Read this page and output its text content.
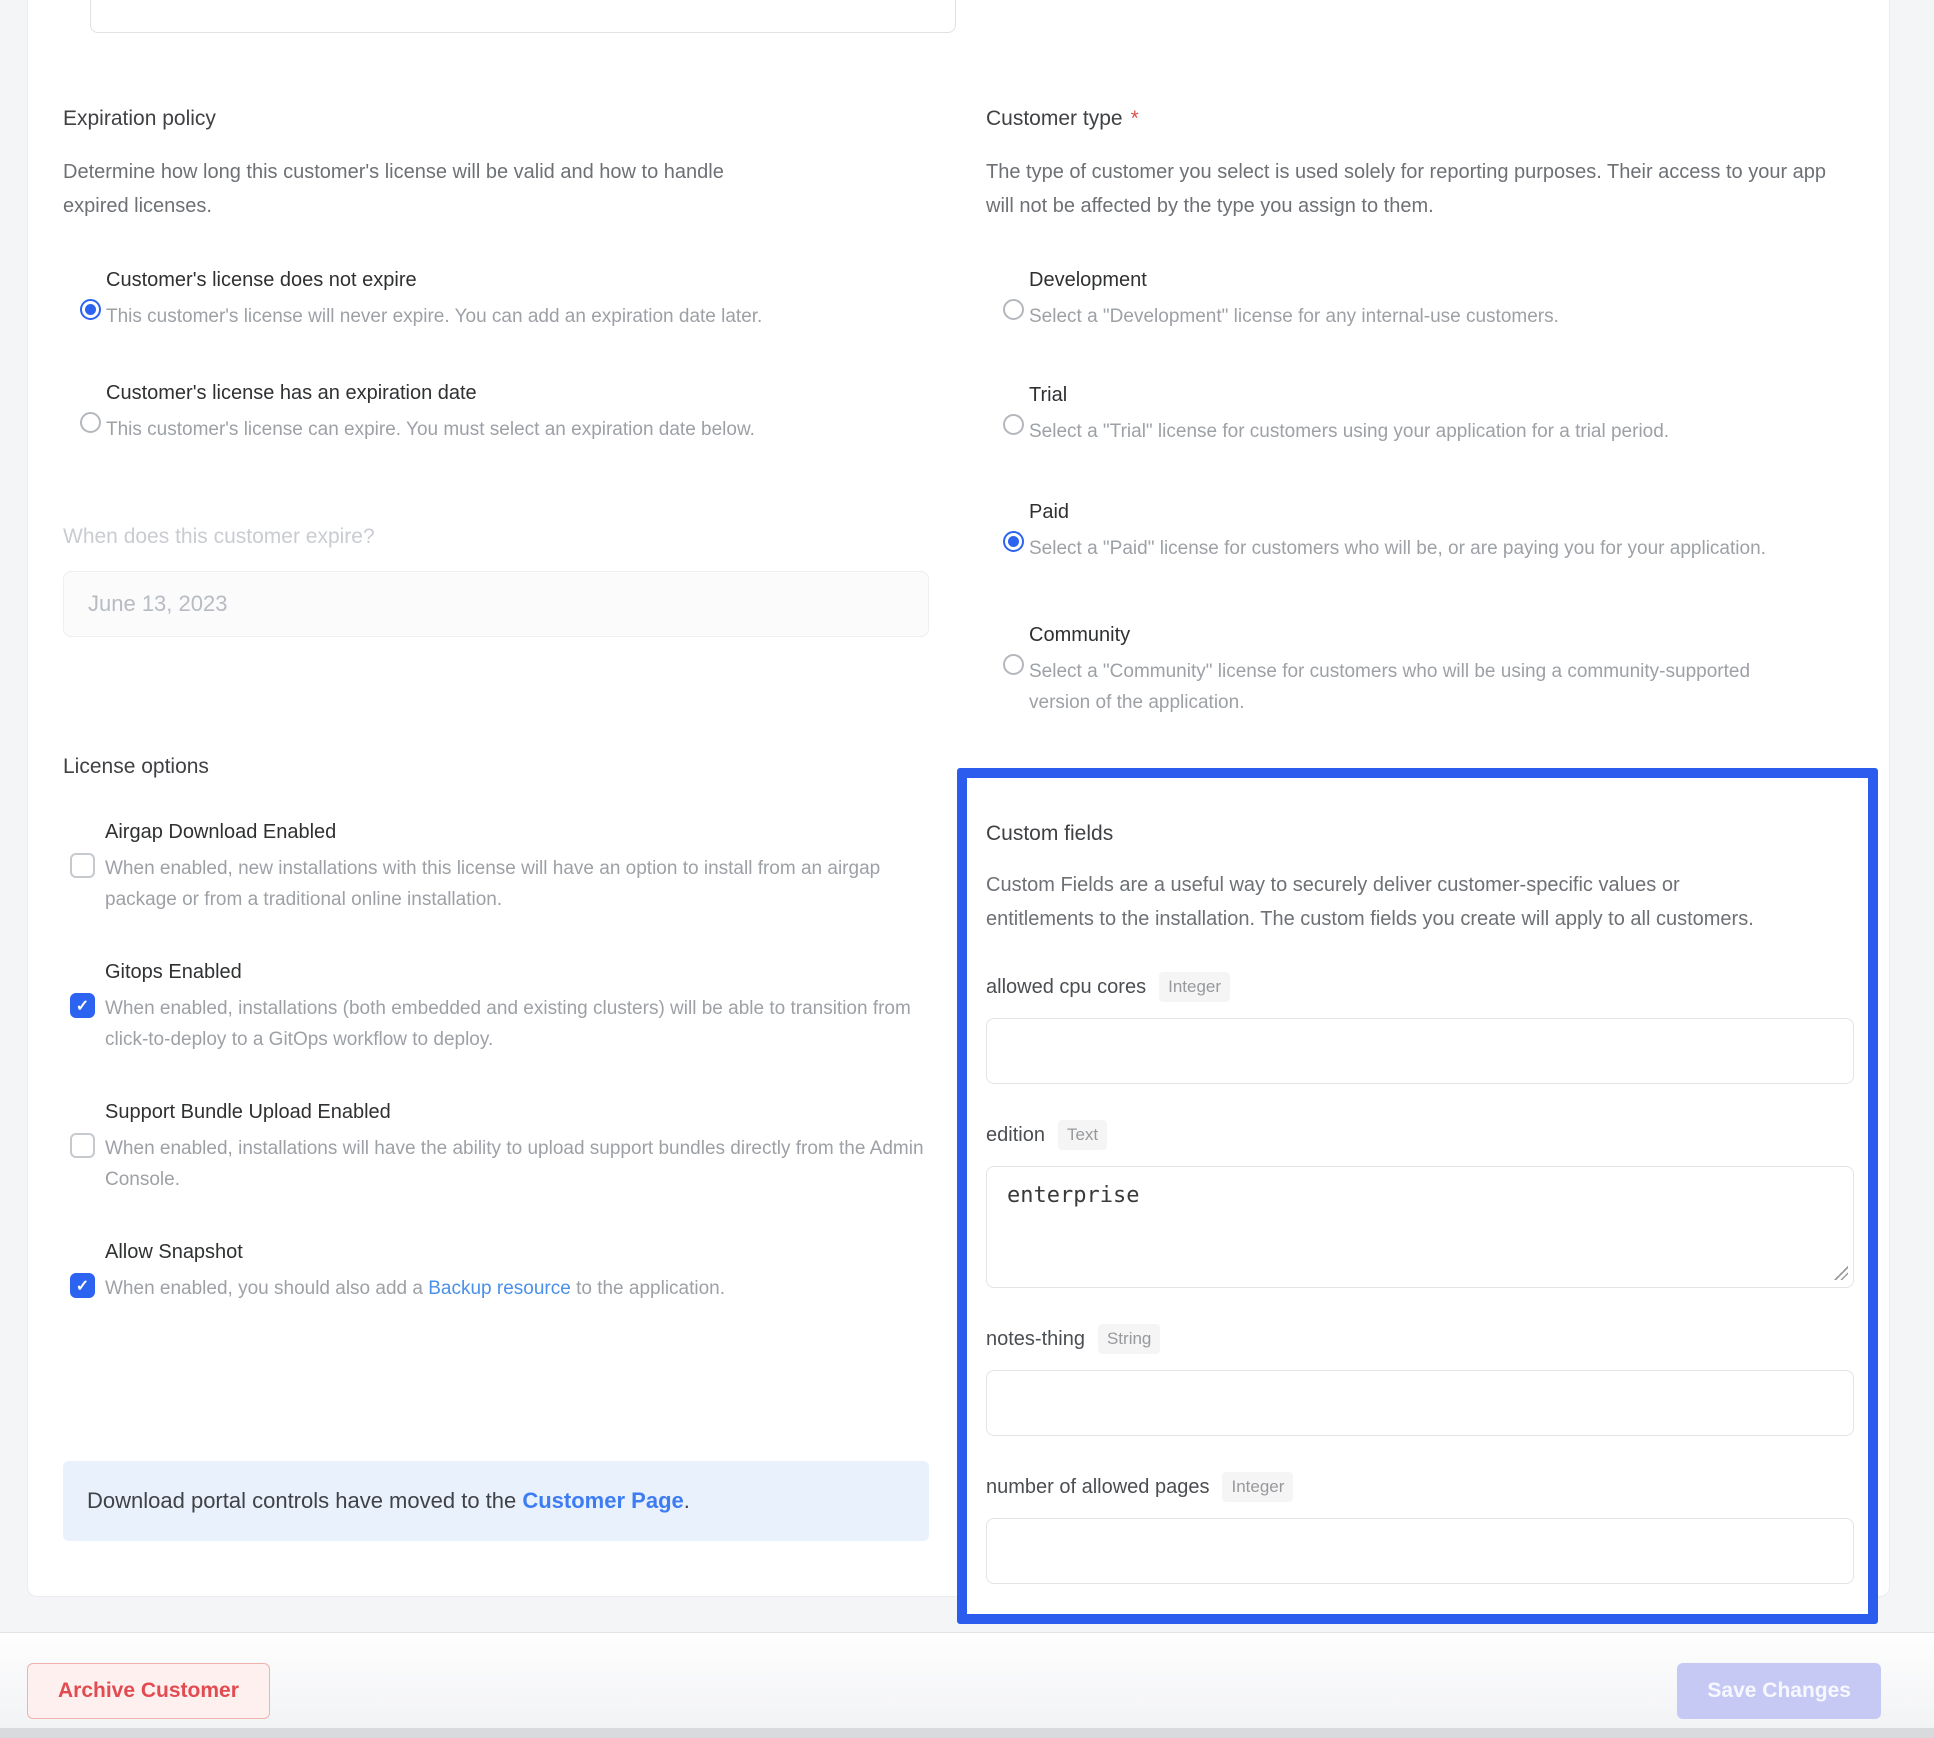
Expiration policy
Determine how long this customer's license will be valid and how to handle expired licenses.
Customer's license does not expire
This customer's license will never expire. You can add an expiration date later.
Customer's license has an expiration date
This customer's license can expire. You must select an expiration date below.
When does this customer expire?
June 13, 2023
License options
Airgap Download Enabled
When enabled, new installations with this license will have an option to install from an airgap package or from a traditional online installation.
✓
Gitops Enabled
When enabled, installations (both embedded and existing clusters) will be able to transition from click-to-deploy to a GitOps workflow to deploy.
Support Bundle Upload Enabled
When enabled, installations will have the ability to upload support bundles directly from the Admin Console.
✓
Allow Snapshot
When enabled, you should also add a Backup resource to the application.
Download portal controls have moved to the Customer Page.
Customer type *
The type of customer you select is used solely for reporting purposes. Their access to your app will not be affected by the type you assign to them.
Development
Select a "Development" license for any internal-use customers.
Trial
Select a "Trial" license for customers using your application for a trial period.
Paid
Select a "Paid" license for customers who will be, or are paying you for your application.
Community
Select a "Community" license for customers who will be using a community-supported version of the application.
Custom fields
Custom Fields are a useful way to securely deliver customer-specific values or entitlements to the installation. The custom fields you create will apply to all customers.
allowed cpu cores	Integer
edition	Text
enterprise
notes-thing	String
number of allowed pages	Integer
Archive Customer	Save Changes
